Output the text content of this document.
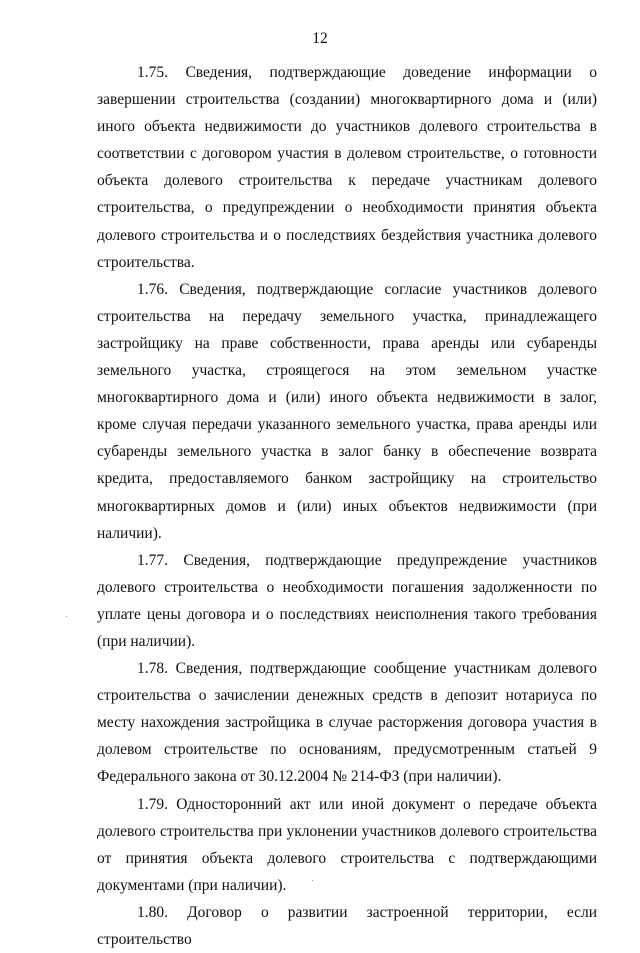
12

1.75. Сведения, подтверждающие доведение информации о завершении строительства (создании) многоквартирного дома и (или) иного объекта недвижимости до участников долевого строительства в соответствии с договором участия в долевом строительстве, о готовности объекта долевого строительства к передаче участникам долевого строительства, о предупреждении о необходимости принятия объекта долевого строительства и о последствиях бездействия участника долевого строительства.

1.76. Сведения, подтверждающие согласие участников долевого строительства на передачу земельного участка, принадлежащего застройщику на праве собственности, права аренды или субаренды земельного участка, строящегося на этом земельном участке многоквартирного дома и (или) иного объекта недвижимости в залог, кроме случая передачи указанного земельного участка, права аренды или субаренды земельного участка в залог банку в обеспечение возврата кредита, предоставляемого банком застройщику на строительство многоквартирных домов и (или) иных объектов недвижимости (при наличии).

1.77. Сведения, подтверждающие предупреждение участников долевого строительства о необходимости погашения задолженности по уплате цены договора и о последствиях неисполнения такого требования (при наличии).

1.78. Сведения, подтверждающие сообщение участникам долевого строительства о зачислении денежных средств в депозит нотариуса по месту нахождения застройщика в случае расторжения договора участия в долевом строительстве по основаниям, предусмотренным статьей 9 Федерального закона от 30.12.2004 № 214-ФЗ (при наличии).

1.79. Односторонний акт или иной документ о передаче объекта долевого строительства при уклонении участников долевого строительства от принятия объекта долевого строительства с подтверждающими документами (при наличии).

1.80. Договор о развитии застроенной территории, если строительство
